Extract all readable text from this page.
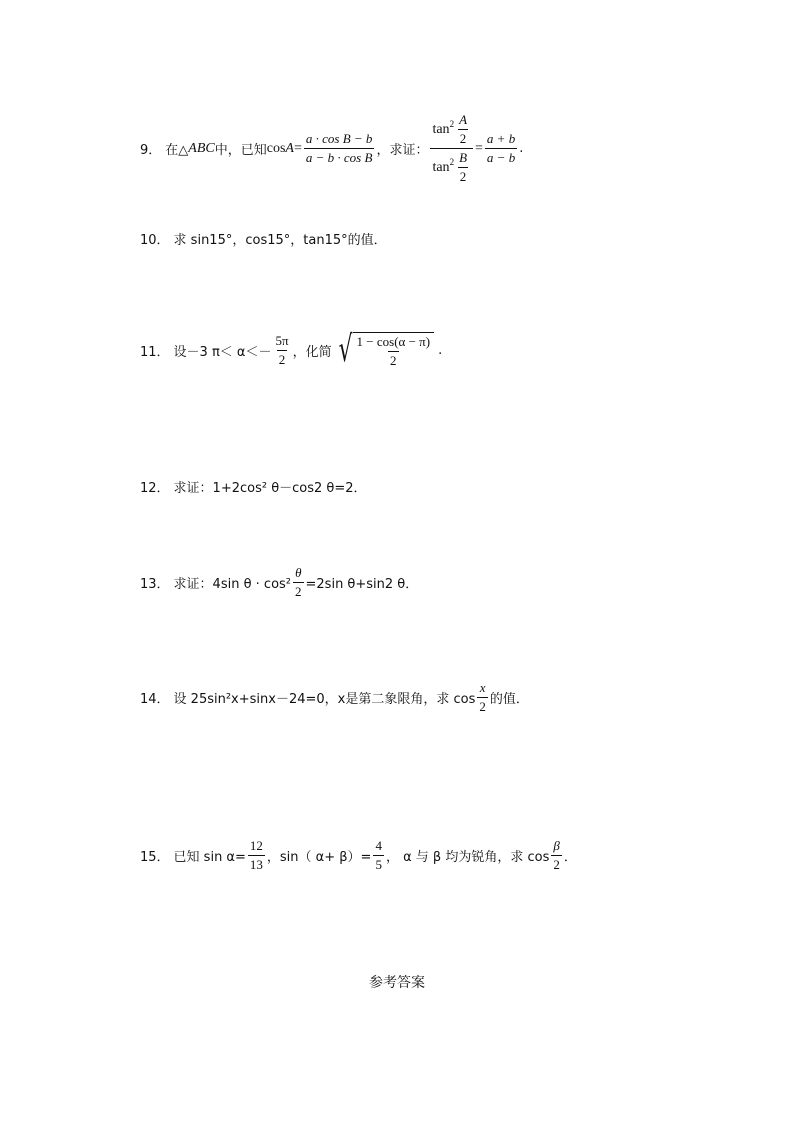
9． 在△ ABC 中，已知 $\cos A = \frac{\text{a · cos B − b}}{\text{a − b · cos B}}$ ，求证： $\frac{\tan 2 \frac{A}{2}}{\tan 2 \frac{B}{2}} = \frac{a + b}{a - b}$ .
10． 求 sin15°，cos15°，tan15°的值．
11． 设－3 $\pi< \alpha<- \frac{5\pi}{2}$ ，化简 √ $\frac{1 - \cos(\alpha - \pi)}{2}$ .
12． 求证：1+2cos² θ－cos2 θ=2．
13． 求证：4sin $\theta \cdot \cos^2 \frac{\theta}{2} =2\sin$ θ+sin2 θ．
14． 设 25sin²x+sinx－24=0，x是第二象限角，求 $\cos \frac{x}{2}$ 的值．
15． 已知 $\sin \alpha= \frac{12}{13}$ ，sin（ $\alpha+ \beta)= \frac{4}{5}$ ， α 与 β 均为锐角，求 $\cos \frac{\beta}{2}$ ．
参考答案
